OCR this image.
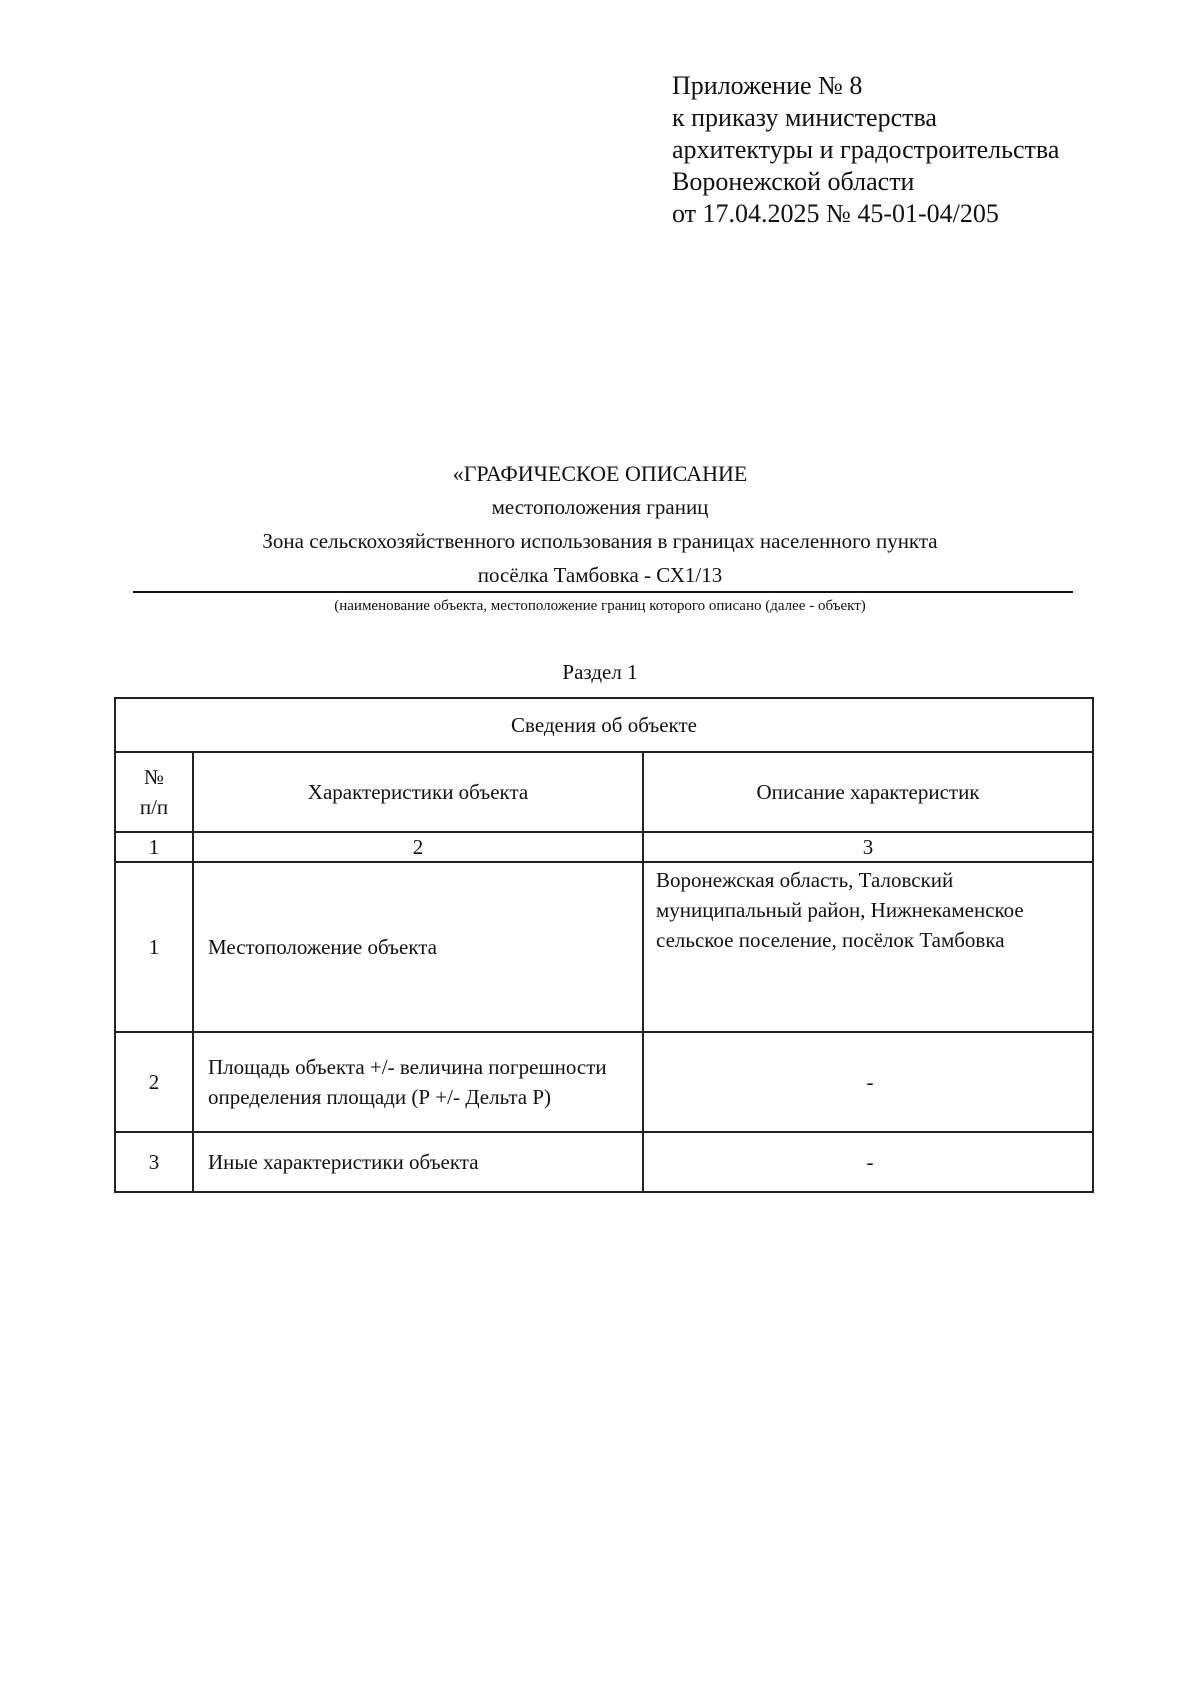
Приложение № 8
к приказу министерства
архитектуры и градостроительства
Воронежской области
от 17.04.2025 № 45-01-04/205
«ГРАФИЧЕСКОЕ ОПИСАНИЕ
местоположения границ
Зона сельскохозяйственного использования в границах населенного пункта
посёлка Тамбовка - СХ1/13
(наименование объекта, местоположение границ которого описано (далее - объект)
Раздел 1
Сведения об объекте		

№
п/п	Характеристики объекта	Описание характеристик
1	2	3
1	Местоположение объекта	Воронежская область, Таловский муниципальный район, Нижнекаменское сельское поселение, посёлок Тамбовка
2	Площадь объекта +/- величина погрешности определения площади (Р +/- Дельта Р)	-
3	Иные характеристики объекта	-
